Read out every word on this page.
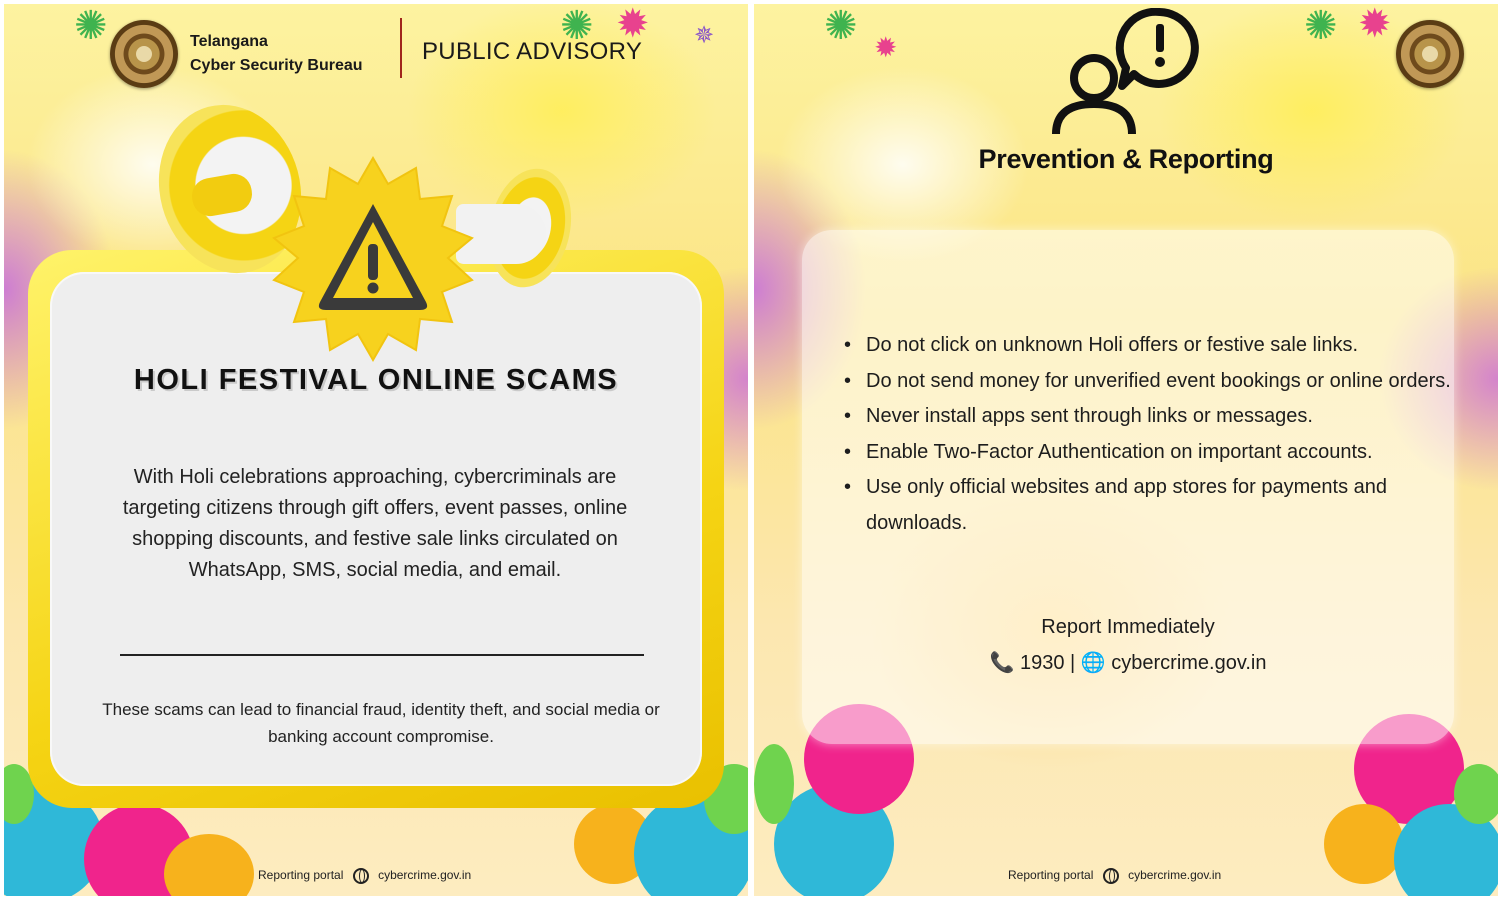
✺	✺ ✹ ✵
Telangana
Cyber Security Bureau
PUBLIC ADVISORY
HOLI FESTIVAL ONLINE SCAMS
With Holi celebrations approaching, cybercriminals are targeting citizens through gift offers, event passes, online shopping discounts, and festive sale links circulated on WhatsApp, SMS, social media, and email.
These scams can lead to financial fraud, identity theft, and social media or banking account compromise.
Reporting portal	cybercrime.gov.in
✺ ✹	✺ ✹
Prevention & Reporting
• Do not click on unknown Holi offers or festive sale links.
• Do not send money for unverified event bookings or online orders.
• Never install apps sent through links or messages.
• Enable Two-Factor Authentication on important accounts.
• Use only official websites and app stores for payments and downloads.
Report Immediately
📞 1930 | 🌐 cybercrime.gov.in
Reporting portal	cybercrime.gov.in
